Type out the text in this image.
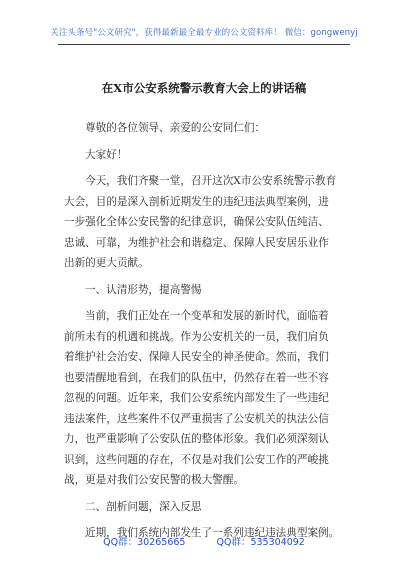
关注头条号"公文研究"，获得最新最全最专业的公文资料库！ 微信：gongwenyj
在X市公安系统警示教育大会上的讲话稿
尊敬的各位领导、亲爱的公安同仁们：
大家好！
今天，我们齐聚一堂，召开这次X市公安系统警示教育
大会，目的是深入剖析近期发生的违纪违法典型案例，进
一步强化全体公安民警的纪律意识，确保公安队伍纯洁、
忠诚、可靠，为维护社会和谐稳定、保障人民安居乐业作
出新的更大贡献。
一、认清形势，提高警惕
当前，我们正处在一个变革和发展的新时代，面临着
前所未有的机遇和挑战。作为公安机关的一员，我们肩负
着维护社会治安、保障人民安全的神圣使命。然而，我们
也要清醒地看到，在我们的队伍中，仍然存在着一些不容
忽视的问题。近年来，我们公安系统内部发生了一些违纪
违法案件，这些案件不仅严重损害了公安机关的执法公信
力，也严重影响了公安队伍的整体形象。我们必须深刻认
识到，这些问题的存在，不仅是对我们公安工作的严峻挑
战，更是对我们公安民警的极大警醒。
二、剖析问题，深入反思
近期，我们系统内部发生了一系列违纪违法典型案例。
QQ群：30265665	QQ群：535304092
